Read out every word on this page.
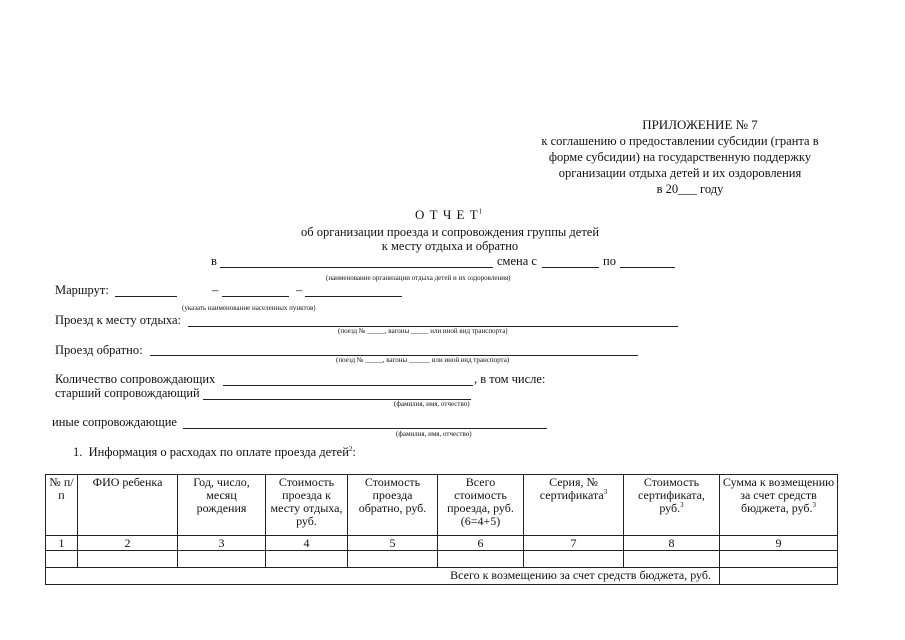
ПРИЛОЖЕНИЕ № 7
к соглашению о предоставлении субсидии (гранта в
форме субсидии) на государственную поддержку
организации отдыха детей и их оздоровления
в 20___ году
О Т Ч Е $Т^1$
об организации проезда и сопровождения группы детей
к месту отдыха и обратно
в	смена с	по
(наименование организации отдыха детей и их оздоровления)
Маршрут:	–	–
(указать наименование населенных пунктов)
Проезд к месту отдыха:
(поезд № _____, вагоны _____ или иной вид транспорта)
Проезд обратно:
(поезд № _____, вагоны ______ или иной вид транспорта)
Количество сопровождающих	, в том числе:
старший сопровождающий
(фамилия, имя, отчество)
иные сопровождающие
(фамилия, имя, отчество)
1. Информация о расходах по оплате проезда детей$^2$:
№ п/п	ФИО ребенка	Год, число, месяц рождения	Стоимость проезда к месту отдыха, руб.	Стоимость проезда обратно, руб.	Всего стоимость проезда, руб. (6=4+5)	Серия, № сертификата$^3$	Стоимость сертификата, руб.$^3$	Сумма к возмещению за счет средств бюджета, руб.$^3$
1	2	3	4	5	6	7	8	9

Всего к возмещению за счет средств бюджета, руб.								
